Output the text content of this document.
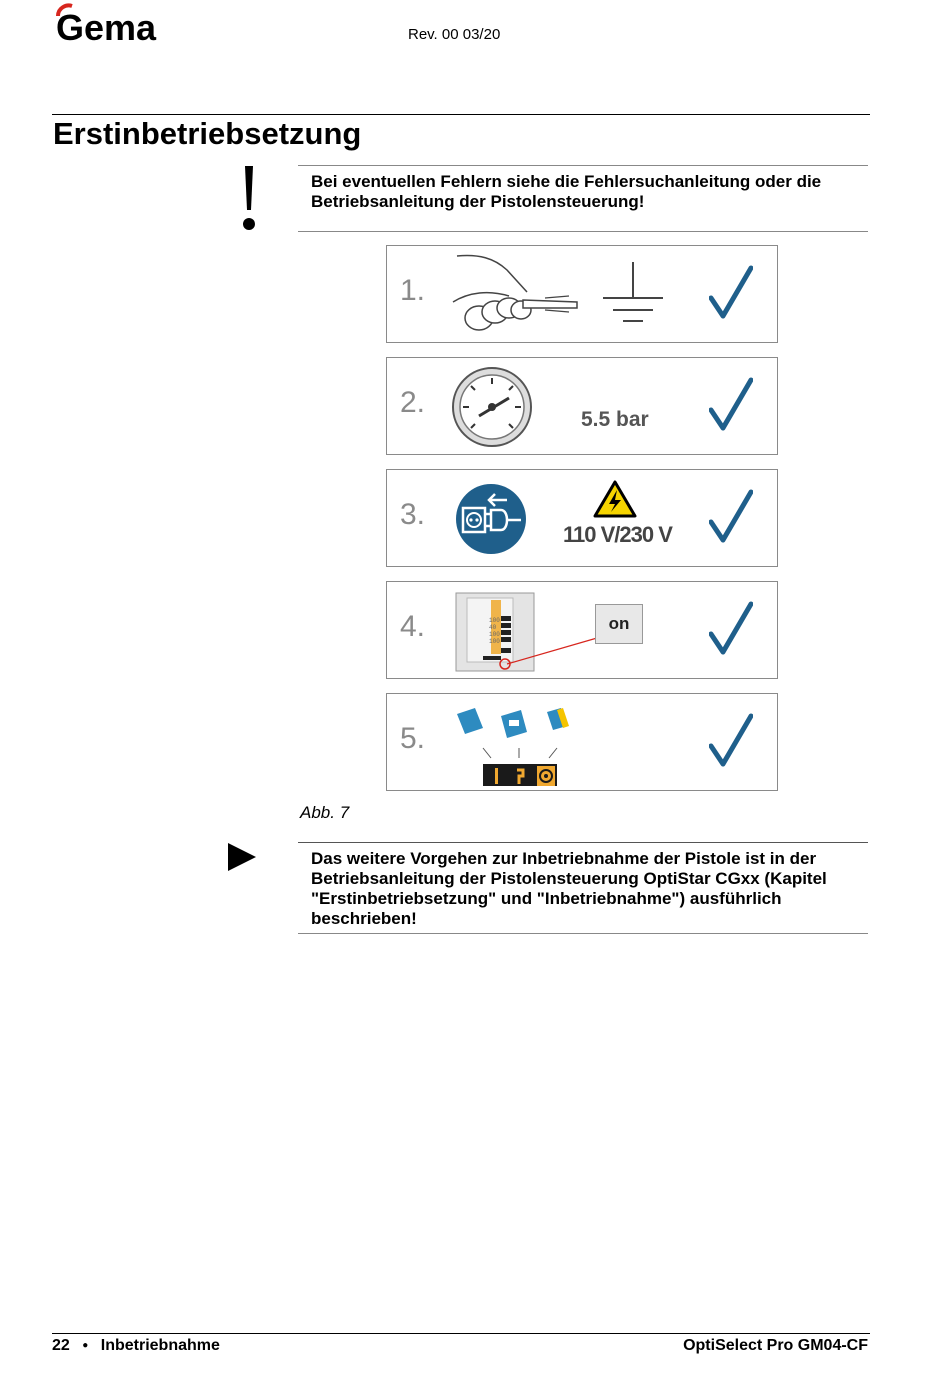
Gema	Rev. 00 03/20
Erstinbetriebsetzung
Bei eventuellen Fehlern siehe die Fehlersuchanleitung oder die Betriebsanleitung der Pistolensteuerung!
1.
2.
5.5 bar
3.
110 V/230 V
4.	100
40
100
100
on
5.
Abb. 7
Das weitere Vorgehen zur Inbetriebnahme der Pistole ist in der Betriebsanleitung der Pistolensteuerung OptiStar CGxx (Kapitel "Erstinbetriebsetzung" und "Inbetriebnahme") ausführlich beschrieben!
22 ● Inbetriebnahme	OptiSelect Pro GM04-CF
